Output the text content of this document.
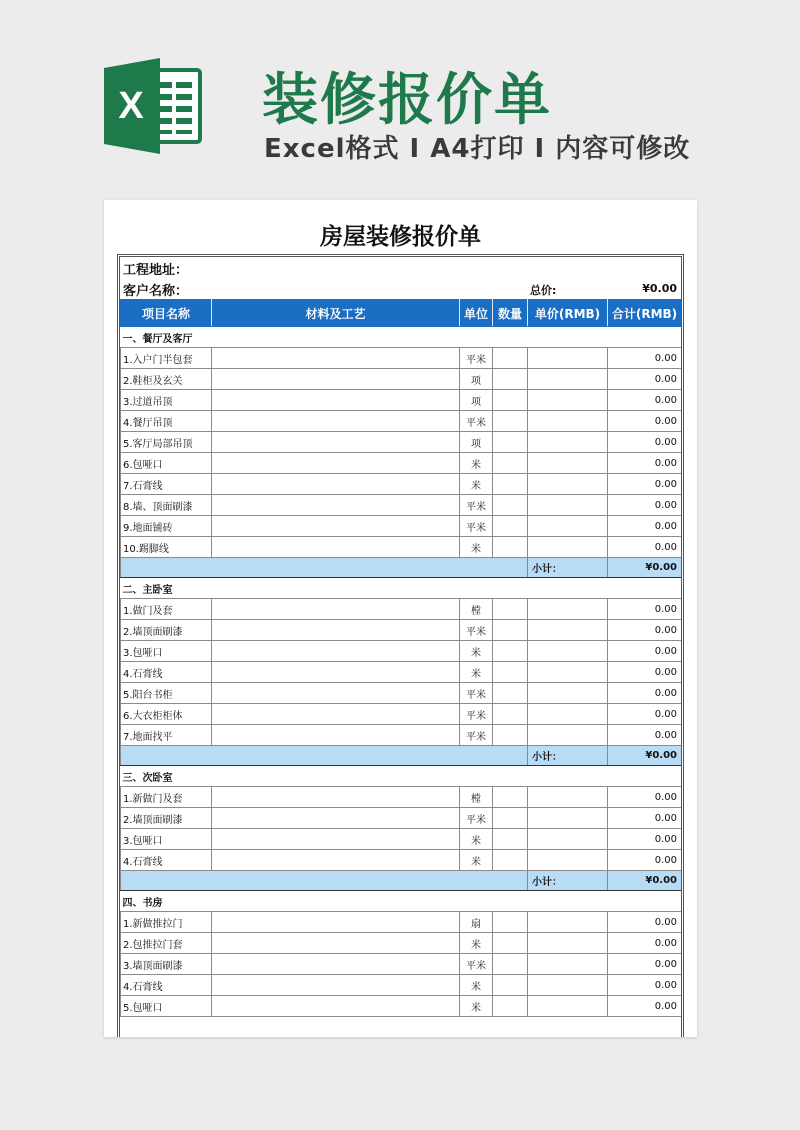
X 装修报价单
Excel格式 I A4打印 I 内容可修改
房屋装修报价单
工程地址：
客户名称：	总价:	¥0.00
项目名称	材料及工艺	单位	数量	单价(RMB)	合计(RMB)
一、餐厅及客厅					
1.入户门半包套		平米			0.00
2.鞋柜及玄关		项			0.00
3.过道吊顶		项			0.00
4.餐厅吊顶		平米			0.00
5.客厅局部吊顶		项			0.00
6.包哑口		米			0.00
7.石膏线		米			0.00
8.墙、顶面刷漆		平米			0.00
9.地面铺砖		平米			0.00
10.踢脚线		米			0.00
				小计：	¥0.00
二、主卧室					
1.做门及套		樘			0.00
2.墙顶面刷漆		平米			0.00
3.包哑口		米			0.00
4.石膏线		米			0.00
5.阳台书柜		平米			0.00
6.大衣柜柜体		平米			0.00
7.地面找平		平米			0.00
				小计：	¥0.00
三、次卧室					
1.新做门及套		樘			0.00
2.墙顶面刷漆		平米			0.00
3.包哑口		米			0.00
4.石膏线		米			0.00
				小计：	¥0.00
四、书房					
1.新做推拉门		扇			0.00
2.包推拉门套		米			0.00
3.墙顶面刷漆		平米			0.00
4.石膏线		米			0.00
5.包哑口		米			0.00
